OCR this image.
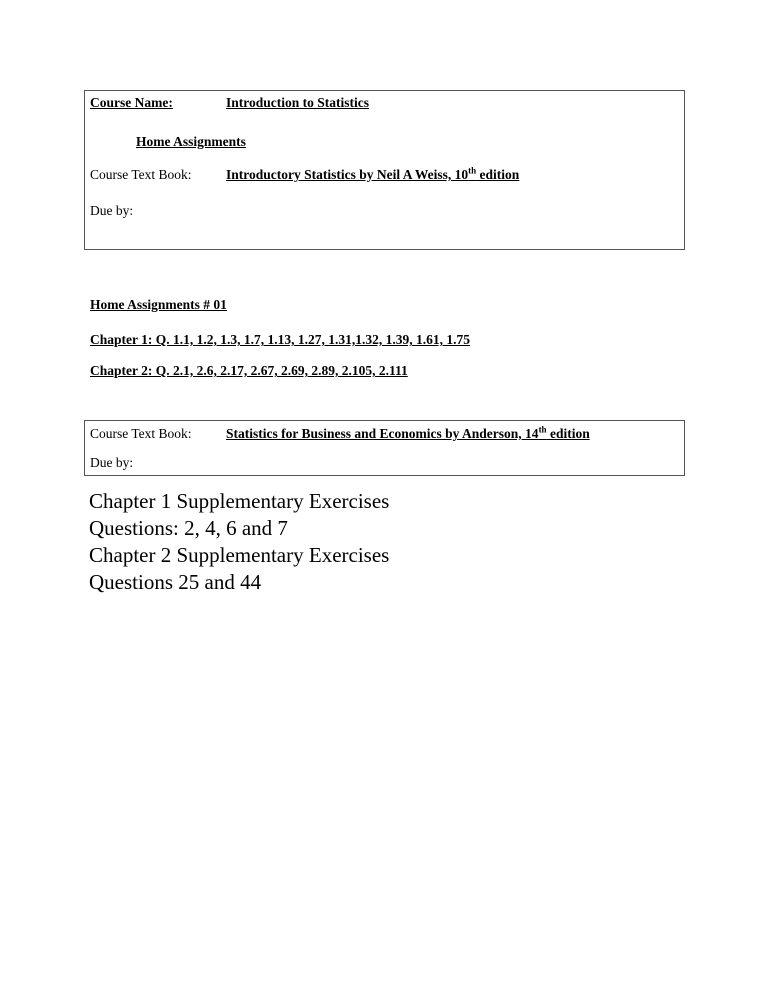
Course Name:	Introduction to Statistics
Home Assignments
Course Text Book:	Introductory Statistics by Neil A Weiss, 10th edition
Due by:
Home Assignments # 01
Chapter 1: Q. 1.1, 1.2, 1.3, 1.7, 1.13, 1.27, 1.31,1.32, 1.39, 1.61, 1.75
Chapter 2: Q. 2.1, 2.6, 2.17, 2.67, 2.69, 2.89, 2.105, 2.111
Course Text Book:	Statistics for Business and Economics by Anderson, 14th edition
Due by:
Chapter 1 Supplementary Exercises
Questions: 2, 4, 6 and 7
Chapter 2 Supplementary Exercises
Questions 25 and 44
